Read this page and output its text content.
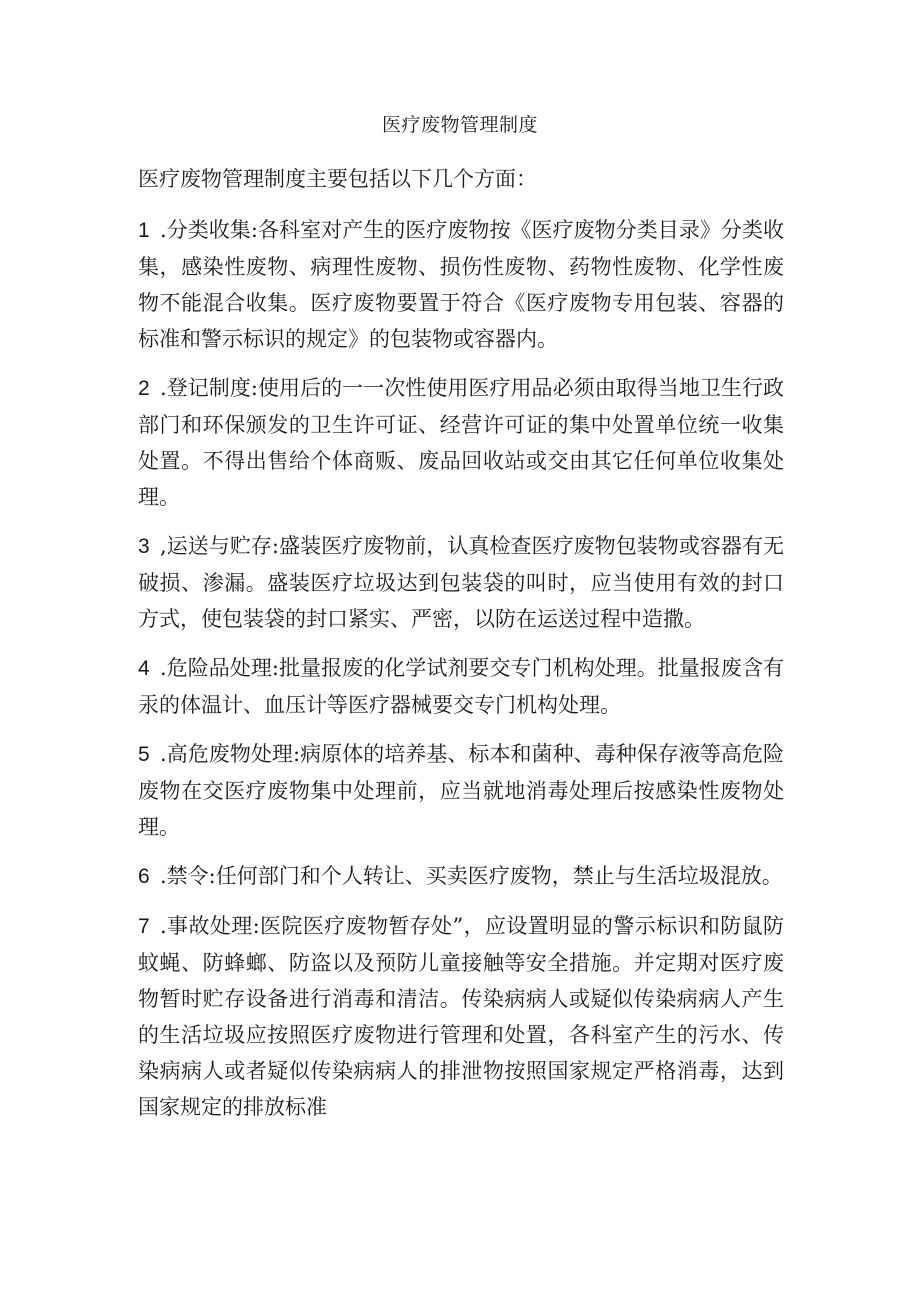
医疗废物管理制度

医疗废物管理制度主要包括以下几个方面：

1 .分类收集:各科室对产生的医疗废物按《医疗废物分类目录》分类收集，感染性废物、病理性废物、损伤性废物、药物性废物、化学性废物不能混合收集。医疗废物要置于符合《医疗废物专用包装、容器的标准和警示标识的规定》的包装物或容器内。

2 .登记制度:使用后的一一次性使用医疗用品必须由取得当地卫生行政部门和环保颁发的卫生许可证、经营许可证的集中处置单位统一收集处置。不得出售给个体商贩、废品回收站或交由其它任何单位收集处理。

3 ,运送与贮存:盛装医疗废物前，认真检查医疗废物包装物或容器有无破损、渗漏。盛装医疗垃圾达到包装袋的叫时，应当使用有效的封口方式，使包装袋的封口紧实、严密，以防在运送过程中造撒。

4 .危险品处理:批量报废的化学试剂要交专门机构处理。批量报废含有汞的体温计、血压计等医疗器械要交专门机构处理。

5 .高危废物处理:病原体的培养基、标本和菌种、毒种保存液等高危险废物在交医疗废物集中处理前，应当就地消毒处理后按感染性废物处理。

6 .禁令:任何部门和个人转让、买卖医疗废物，禁止与生活垃圾混放。

7 .事故处理:医院医疗废物暂存处”，应设置明显的警示标识和防鼠防蚊蝇、防蜂螂、防盗以及预防儿童接触等安全措施。并定期对医疗废物暂时贮存设备进行消毒和清洁。传染病病人或疑似传染病病人产生的生活垃圾应按照医疗废物进行管理和处置，各科室产生的污水、传染病病人或者疑似传染病病人的排泄物按照国家规定严格消毒，达到国家规定的排放标准
